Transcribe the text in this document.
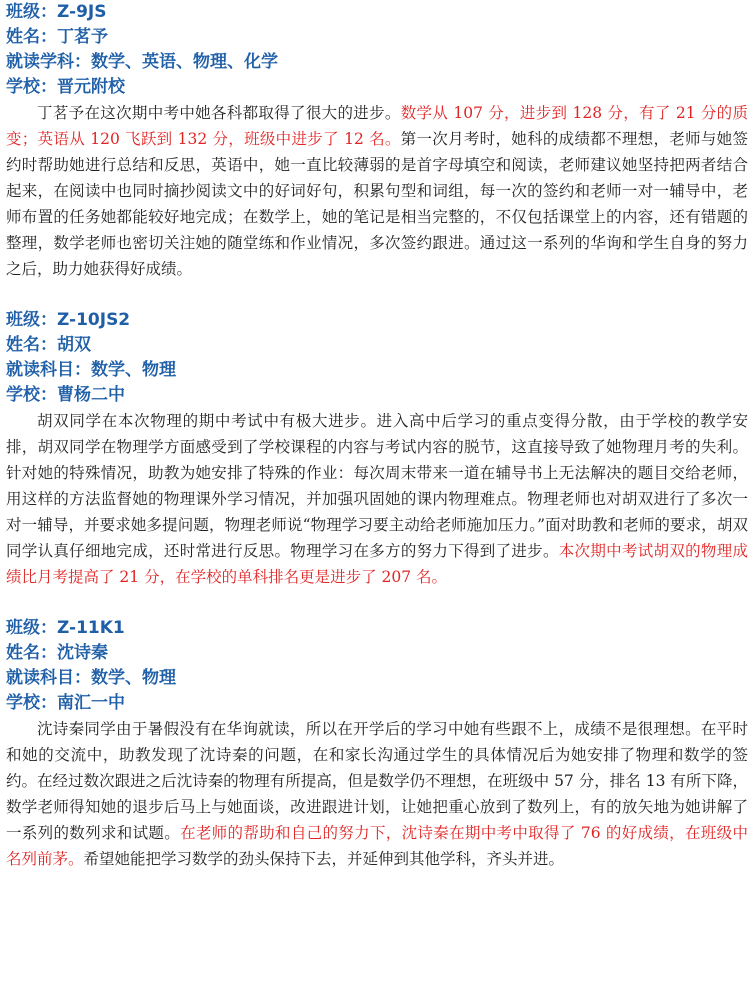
班级：Z-9JS
姓名：丁茗予
就读学科：数学、英语、物理、化学
学校：晋元附校

丁茗予在这次期中考中她各科都取得了很大的进步。数学从 107 分，进步到 128 分，有了 21 分的质变；英语从 120 飞跃到 132 分，班级中进步了 12 名。第一次月考时，她科的成绩都不理想，老师与她签约时帮助她进行总结和反思，英语中，她一直比较薄弱的是首字母填空和阅读，老师建议她坚持把两者结合起来，在阅读中也同时摘抄阅读文中的好词好句，积累句型和词组，每一次的签约和老师一对一辅导中，老师布置的任务她都能较好地完成；在数学上，她的笔记是相当完整的，不仅包括课堂上的内容，还有错题的整理，数学老师也密切关注她的随堂练和作业情况，多次签约跟进。通过这一系列的华询和学生自身的努力之后，助力她获得好成绩。

班级：Z-10JS2
姓名：胡双
就读科目：数学、物理
学校：曹杨二中

胡双同学在本次物理的期中考试中有极大进步。进入高中后学习的重点变得分散，由于学校的教学安排，胡双同学在物理学方面感受到了学校课程的内容与考试内容的脱节，这直接导致了她物理月考的失利。针对她的特殊情况，助教为她安排了特殊的作业：每次周末带来一道在辅导书上无法解决的题目交给老师，用这样的方法监督她的物理课外学习情况，并加强巩固她的课内物理难点。物理老师也对胡双进行了多次一对一辅导，并要求她多提问题，物理老师说“物理学习要主动给老师施加压力。”面对助教和老师的要求，胡双同学认真仔细地完成，还时常进行反思。物理学习在多方的努力下得到了进步。本次期中考试胡双的物理成绩比月考提高了 21 分，在学校的单科排名更是进步了 207 名。

班级：Z-11K1
姓名：沈诗秦
就读科目：数学、物理
学校：南汇一中

沈诗秦同学由于暑假没有在华询就读，所以在开学后的学习中她有些跟不上，成绩不是很理想。在平时和她的交流中，助教发现了沈诗秦的问题，在和家长沟通过学生的具体情况后为她安排了物理和数学的签约。在经过数次跟进之后沈诗秦的物理有所提高，但是数学仍不理想，在班级中 57 分，排名 13 有所下降，数学老师得知她的退步后马上与她面谈，改进跟进计划，让她把重心放到了数列上，有的放矢地为她讲解了一系列的数列求和试题。在老师的帮助和自己的努力下，沈诗秦在期中考中取得了 76 的好成绩，在班级中名列前茅。希望她能把学习数学的劲头保持下去，并延伸到其他学科，齐头并进。
